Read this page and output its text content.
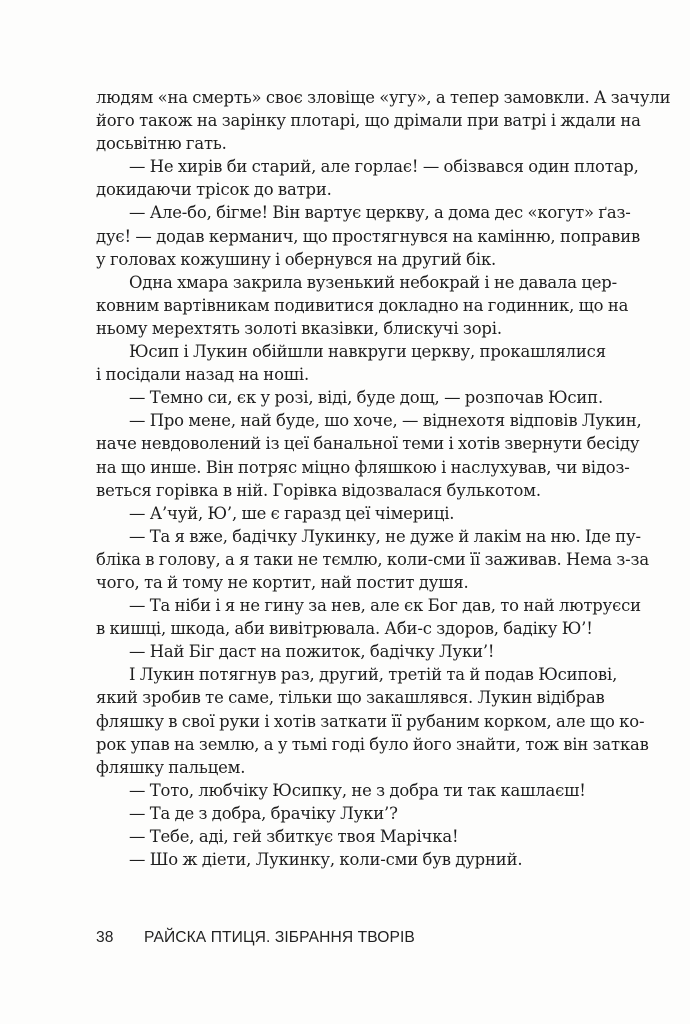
людям «на смерть» своє зловіще «угу», а тепер замовкли. А зачули
його також на зарінку плотарі, що дрімали при ватрі і ждали на
досьвітню гать.

— Не хирів би старий, але горлає! — обізвався один плотар,
докидаючи трісок до ватри.

— Але-бо, бігме! Він вартує церкву, а дома дес «когут» ґаз-
дує! — додав керманич, що простягнувся на камінню, поправив
у головах кожушину і обернувся на другий бік.

Одна хмара закрила вузенький небокрай і не давала цер-
ковним вартівникам подивитися докладно на годинник, що на
ньому мерехтять золоті вказівки, блискучі зорі.

Юсип і Лукин обійшли навкруги церкву, прокашлялися
і посідали назад на ноші.

— Темно си, єк у розі, віді, буде дощ, — розпочав Юсип.

— Про мене, най буде, шо хоче, — віднехотя відповів Лукин,
наче невдоволений із цеї банальної теми і хотів звернути бесіду
на що инше. Він потряс міцно фляшкою і наслухував, чи відоз-
веться горівка в ній. Горівка відозвалася булькотом.

— А’чуй, Ю’, ше є гаразд цеї чімериці.

— Та я вже, бадічку Лукинку, не дуже й лакім на ню. Іде пу-
бліка в голову, а я таки не тємлю, коли-сми її заживав. Нема з-за
чого, та й тому не кортит, най постит душя.

— Та ніби і я не гину за нев, але єк Бог дав, то най лютруєси
в кишці, шкода, аби вивітрювала. Аби-с здоров, бадіку Ю’!

— Най Біг даст на пожиток, бадічку Луки’!

І Лукин потягнув раз, другий, третій та й подав Юсипові,
який зробив те саме, тільки що закашлявся. Лукин відібрав
фляшку в свої руки і хотів заткати її рубаним корком, але що ко-
рок упав на землю, а у тьмі годі було його знайти, тож він заткав
фляшку пальцем.

— Тото, любчіку Юсипку, не з добра ти так кашлаєш!

— Та де з добра, брачіку Луки’?

— Тебе, аді, гей збиткує твоя Марічка!

— Шо ж діети, Лукинку, коли-сми був дурний.

38	РАЙСКА ПТИЦЯ. ЗІБРАННЯ ТВОРІВ
